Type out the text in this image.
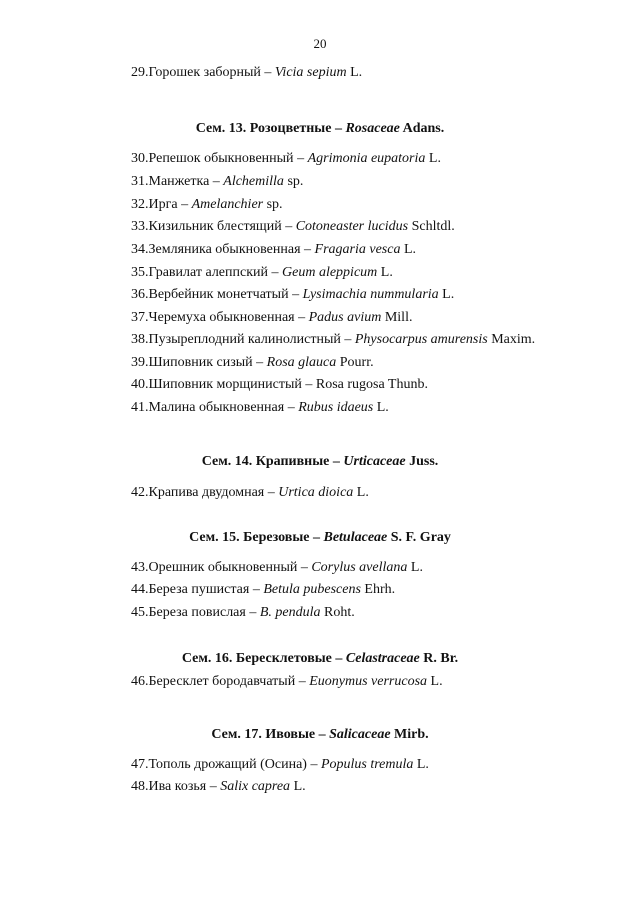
20
29.Горошек заборный – Vicia sepium L.
Сем. 13. Розоцветные – Rosaceae Adans.
30.Репешок обыкновенный – Agrimonia eupatoria L.
31.Манжетка – Alchemilla sp.
32.Ирга – Amelanchier sp.
33.Кизильник блестящий – Cotoneaster lucidus Schltdl.
34.Земляника обыкновенная – Fragaria vesca L.
35.Гравилат алеппский – Geum aleppicum L.
36.Вербейник монетчатый – Lysimachia nummularia L.
37.Черемуха обыкновенная – Padus avium Mill.
38.Пузыреплодний калинолистный – Physocarpus amurensis Maxim.
39.Шиповник сизый – Rosa glauca Pourr.
40.Шиповник морщинистый – Rosa rugosa Thunb.
41.Малина обыкновенная – Rubus idaeus L.
Сем. 14. Крапивные – Urticaceae Juss.
42.Крапива двудомная – Urtica dioica L.
Сем. 15. Березовые – Betulaceae S. F. Gray
43.Орешник обыкновенный – Corylus avellana L.
44.Береза пушистая – Betula pubescens Ehrh.
45.Береза повислая – B. pendula Roht.
Сем. 16. Бересклетовые – Celastraceae R. Br.
46.Бересклет бородавчатый – Euonymus verrucosa L.
Сем. 17. Ивовые – Salicaceae Mirb.
47.Тополь дрожащий (Осина) – Populus tremula L.
48.Ива козья – Salix caprea L.
